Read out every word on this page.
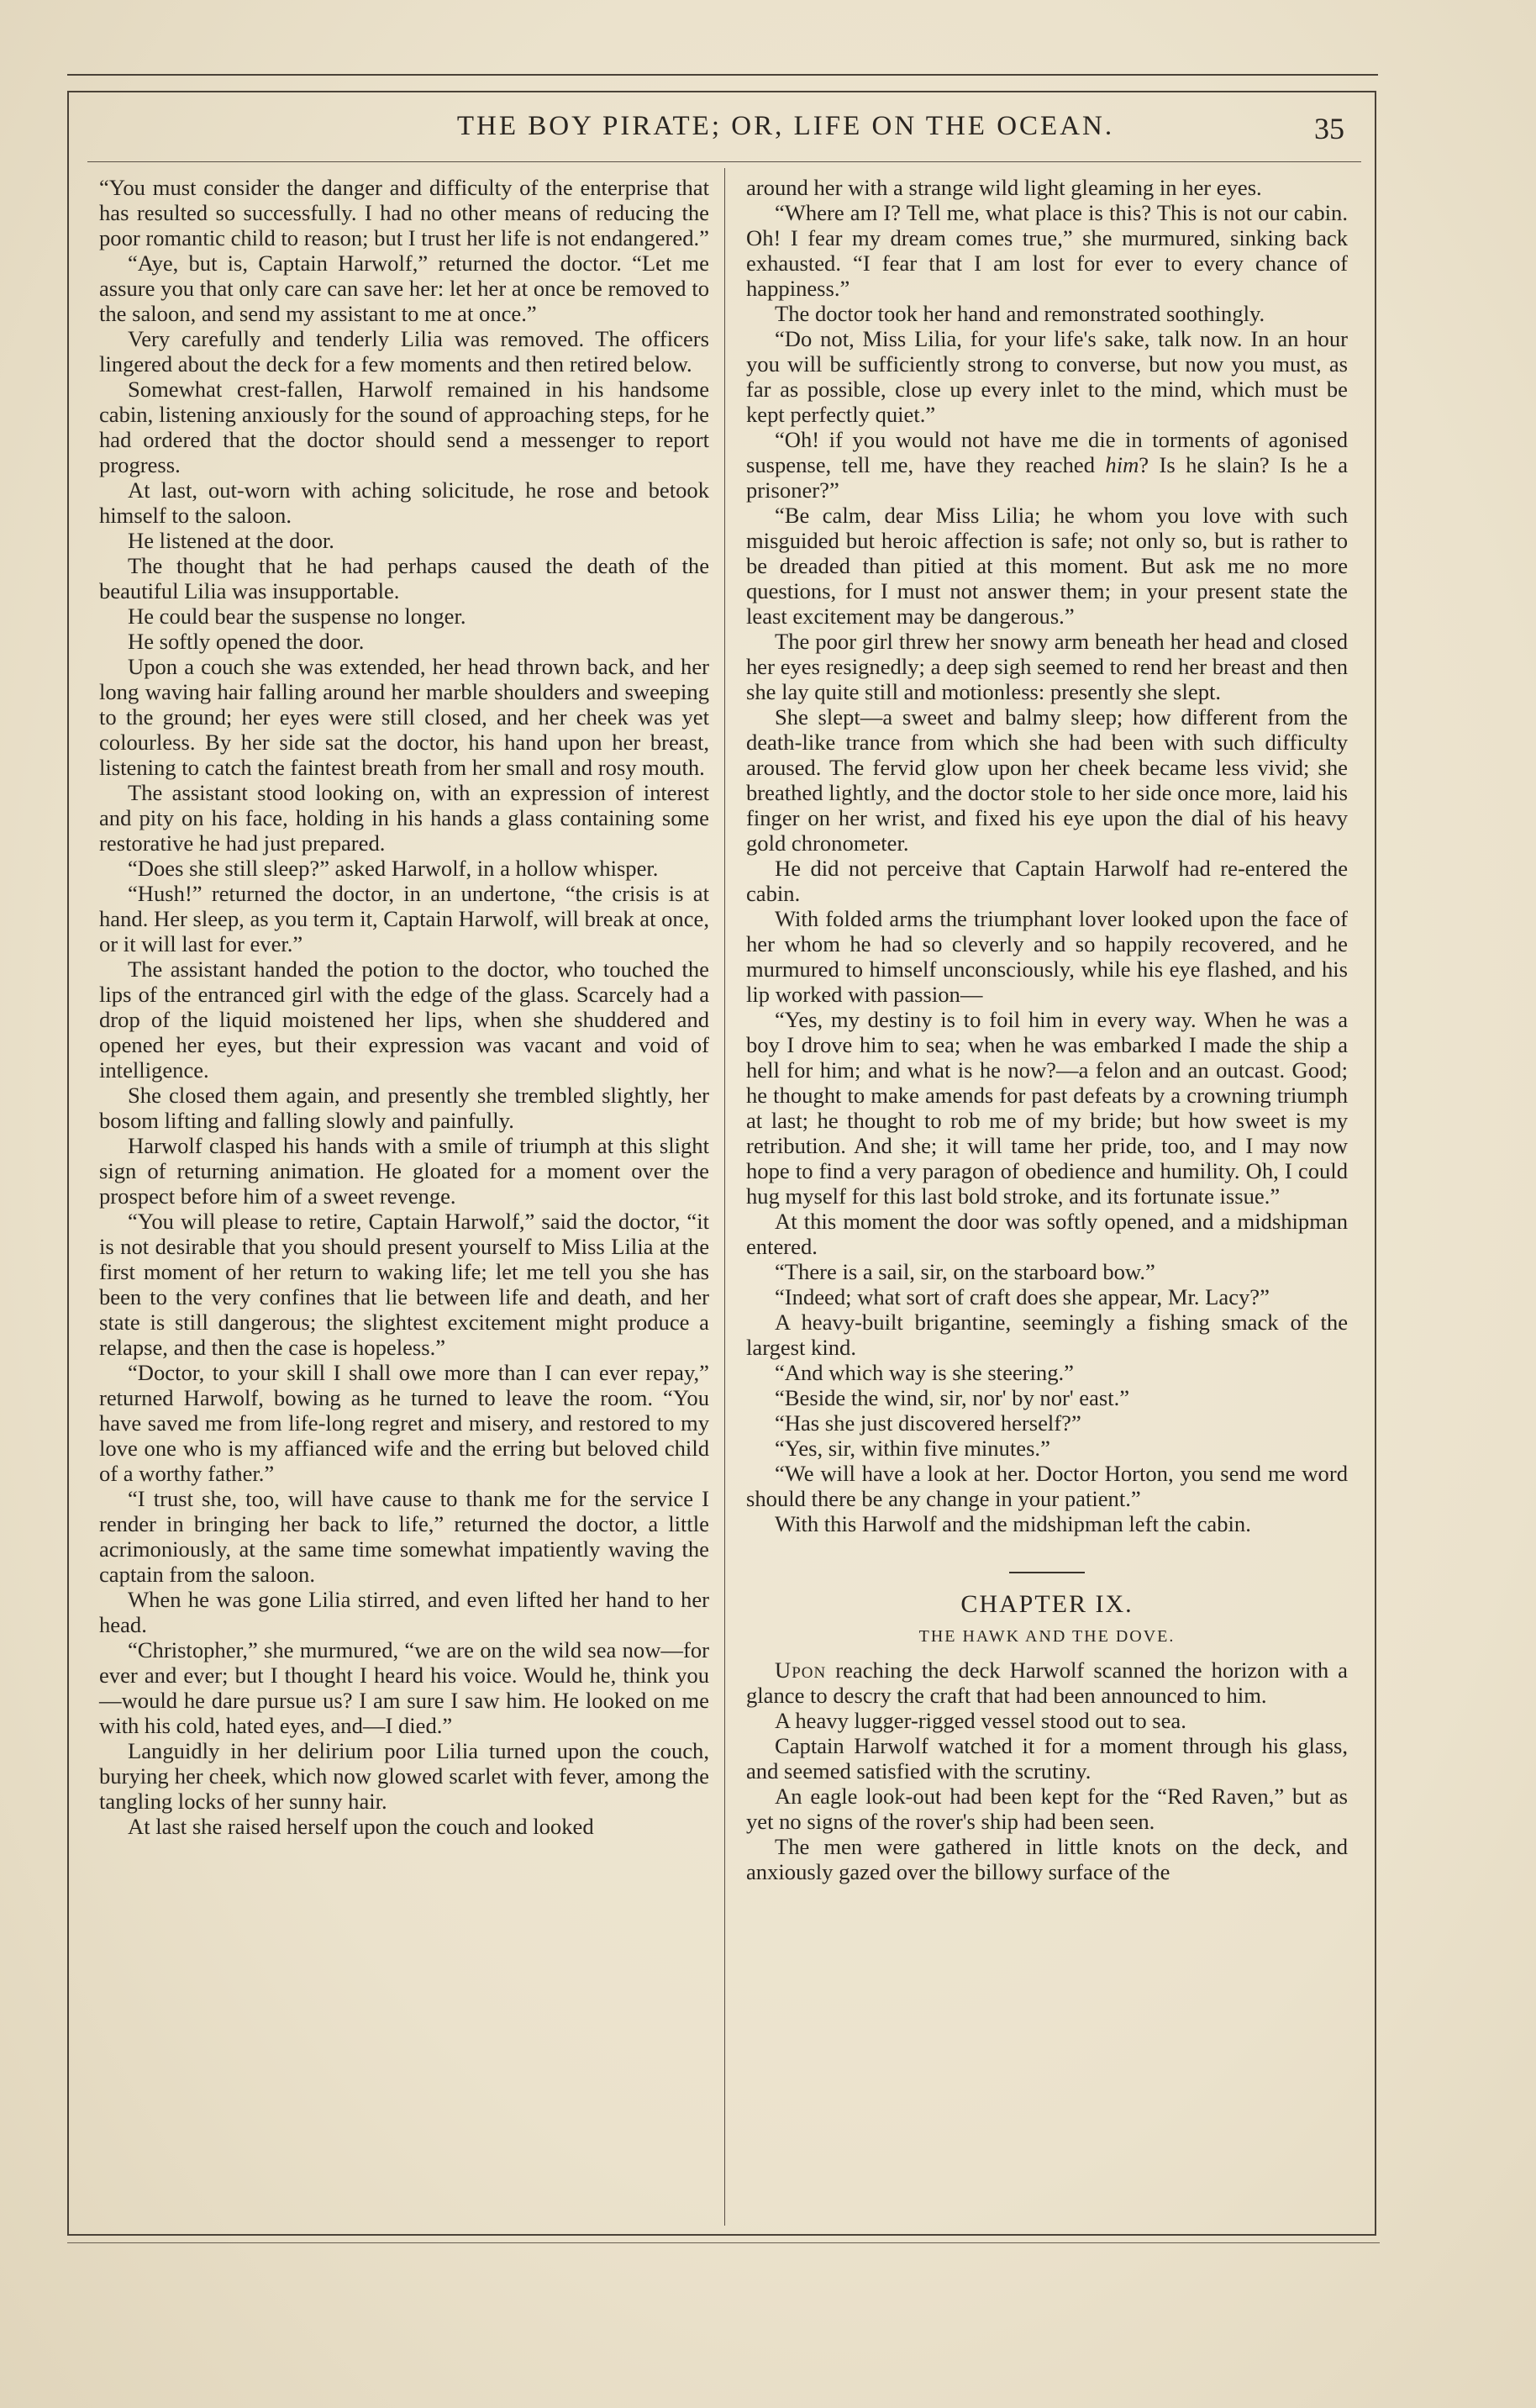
THE BOY PIRATE; OR, LIFE ON THE OCEAN.	35

“You must consider the danger and difficulty of the enterprise that has resulted so successfully. I had no other means of reducing the poor romantic child to reason; but I trust her life is not endangered.”

“Aye, but is, Captain Harwolf,” returned the doctor. “Let me assure you that only care can save her: let her at once be removed to the saloon, and send my assistant to me at once.”

Very carefully and tenderly Lilia was removed. The officers lingered about the deck for a few moments and then retired below.

Somewhat crest-fallen, Harwolf remained in his handsome cabin, listening anxiously for the sound of approaching steps, for he had ordered that the doctor should send a messenger to report progress.

At last, out-worn with aching solicitude, he rose and betook himself to the saloon.

He listened at the door.

The thought that he had perhaps caused the death of the beautiful Lilia was insupportable.

He could bear the suspense no longer.

He softly opened the door.

Upon a couch she was extended, her head thrown back, and her long waving hair falling around her marble shoulders and sweeping to the ground; her eyes were still closed, and her cheek was yet colourless. By her side sat the doctor, his hand upon her breast, listening to catch the faintest breath from her small and rosy mouth.

The assistant stood looking on, with an expression of interest and pity on his face, holding in his hands a glass containing some restorative he had just prepared.

“Does she still sleep?” asked Harwolf, in a hollow whisper.

“Hush!” returned the doctor, in an undertone, “the crisis is at hand. Her sleep, as you term it, Captain Harwolf, will break at once, or it will last for ever.”

The assistant handed the potion to the doctor, who touched the lips of the entranced girl with the edge of the glass. Scarcely had a drop of the liquid moistened her lips, when she shuddered and opened her eyes, but their expression was vacant and void of intelligence.

She closed them again, and presently she trembled slightly, her bosom lifting and falling slowly and painfully.

Harwolf clasped his hands with a smile of triumph at this slight sign of returning animation. He gloated for a moment over the prospect before him of a sweet revenge.

“You will please to retire, Captain Harwolf,” said the doctor, “it is not desirable that you should present yourself to Miss Lilia at the first moment of her return to waking life; let me tell you she has been to the very confines that lie between life and death, and her state is still dangerous; the slightest excitement might produce a relapse, and then the case is hopeless.”

“Doctor, to your skill I shall owe more than I can ever repay,” returned Harwolf, bowing as he turned to leave the room. “You have saved me from life-long regret and misery, and restored to my love one who is my affianced wife and the erring but beloved child of a worthy father.”

“I trust she, too, will have cause to thank me for the service I render in bringing her back to life,” returned the doctor, a little acrimoniously, at the same time somewhat impatiently waving the captain from the saloon.

When he was gone Lilia stirred, and even lifted her hand to her head.

“Christopher,” she murmured, “we are on the wild sea now—for ever and ever; but I thought I heard his voice. Would he, think you—would he dare pursue us? I am sure I saw him. He looked on me with his cold, hated eyes, and—I died.”

Languidly in her delirium poor Lilia turned upon the couch, burying her cheek, which now glowed scarlet with fever, among the tangling locks of her sunny hair.

At last she raised herself upon the couch and looked

around her with a strange wild light gleaming in her eyes.

“Where am I? Tell me, what place is this? This is not our cabin. Oh! I fear my dream comes true,” she murmured, sinking back exhausted. “I fear that I am lost for ever to every chance of happiness.”

The doctor took her hand and remonstrated soothingly.

“Do not, Miss Lilia, for your life's sake, talk now. In an hour you will be sufficiently strong to converse, but now you must, as far as possible, close up every inlet to the mind, which must be kept perfectly quiet.”

“Oh! if you would not have me die in torments of agonised suspense, tell me, have they reached him? Is he slain? Is he a prisoner?”

“Be calm, dear Miss Lilia; he whom you love with such misguided but heroic affection is safe; not only so, but is rather to be dreaded than pitied at this moment. But ask me no more questions, for I must not answer them; in your present state the least excitement may be dangerous.”

The poor girl threw her snowy arm beneath her head and closed her eyes resignedly; a deep sigh seemed to rend her breast and then she lay quite still and motionless: presently she slept.

She slept—a sweet and balmy sleep; how different from the death-like trance from which she had been with such difficulty aroused. The fervid glow upon her cheek became less vivid; she breathed lightly, and the doctor stole to her side once more, laid his finger on her wrist, and fixed his eye upon the dial of his heavy gold chronometer.

He did not perceive that Captain Harwolf had re-entered the cabin.

With folded arms the triumphant lover looked upon the face of her whom he had so cleverly and so happily recovered, and he murmured to himself unconsciously, while his eye flashed, and his lip worked with passion—

“Yes, my destiny is to foil him in every way. When he was a boy I drove him to sea; when he was embarked I made the ship a hell for him; and what is he now?—a felon and an outcast. Good; he thought to make amends for past defeats by a crowning triumph at last; he thought to rob me of my bride; but how sweet is my retribution. And she; it will tame her pride, too, and I may now hope to find a very paragon of obedience and humility. Oh, I could hug myself for this last bold stroke, and its fortunate issue.”

At this moment the door was softly opened, and a midshipman entered.

“There is a sail, sir, on the starboard bow.”

“Indeed; what sort of craft does she appear, Mr. Lacy?”

A heavy-built brigantine, seemingly a fishing smack of the largest kind.

“And which way is she steering.”

“Beside the wind, sir, nor' by nor' east.”

“Has she just discovered herself?”

“Yes, sir, within five minutes.”

“We will have a look at her. Doctor Horton, you send me word should there be any change in your patient.”

With this Harwolf and the midshipman left the cabin.

CHAPTER IX.
THE HAWK AND THE DOVE.

Upon reaching the deck Harwolf scanned the horizon with a glance to descry the craft that had been announced to him.

A heavy lugger-rigged vessel stood out to sea.

Captain Harwolf watched it for a moment through his glass, and seemed satisfied with the scrutiny.

An eagle look-out had been kept for the “Red Raven,” but as yet no signs of the rover's ship had been seen.

The men were gathered in little knots on the deck, and anxiously gazed over the billowy surface of the
